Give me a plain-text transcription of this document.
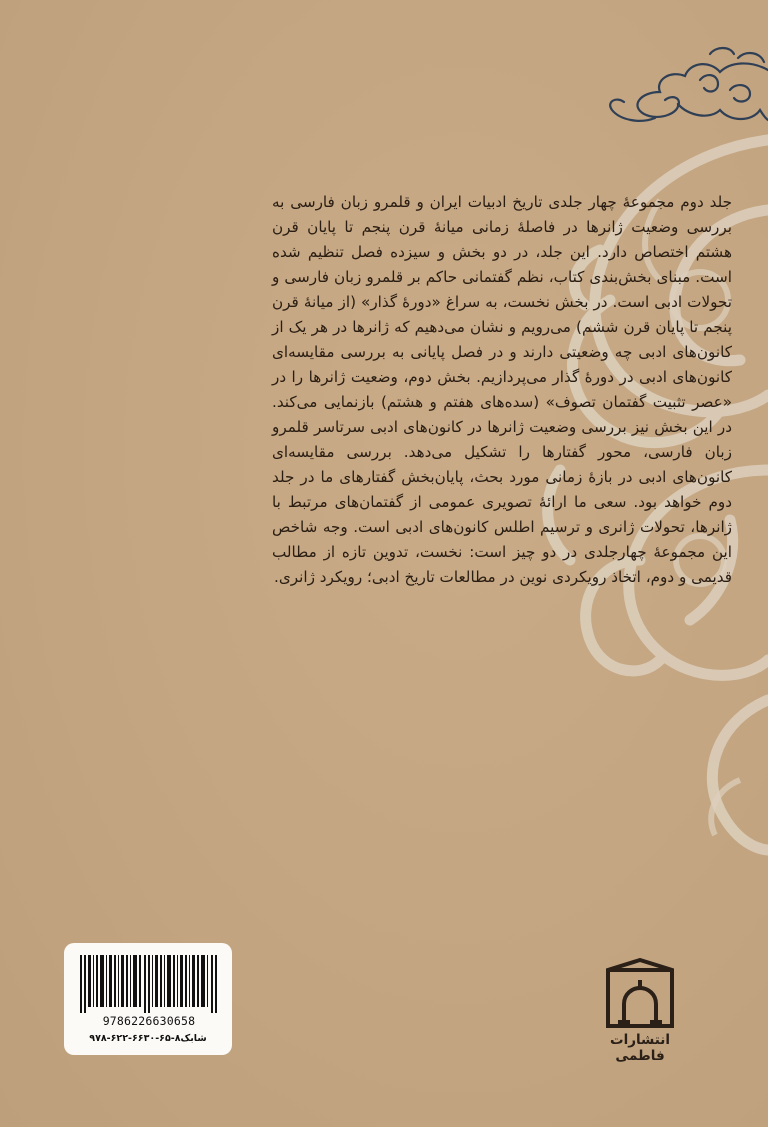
جلد دوم مجموعهٔ چهار جلدی تاریخ ادبیات ایران و قلمرو زبان فارسی به بررسی وضعیت ژانرها در فاصلهٔ زمانی میانهٔ قرن پنجم تا پایان قرن هشتم اختصاص دارد. این جلد، در دو بخش و سیزده فصل تنظیم شده است. مبنای بخش‌بندی کتاب، نظم گفتمانی حاکم بر قلمرو زبان فارسی و تحولات ادبی است. در بخش نخست، به سراغ «دورهٔ گذار» (از میانهٔ قرن پنجم تا پایان قرن ششم) می‌رویم و نشان می‌دهیم که ژانرها در هر یک از کانون‌های ادبی چه وضعیتی دارند و در فصل پایانی به بررسی مقایسه‌ای کانون‌های ادبی در دورهٔ گذار می‌پردازیم. بخش دوم، وضعیت ژانرها را در «عصر تثبیت گفتمان تصوف» (سده‌های هفتم و هشتم) بازنمایی می‌کند. در این بخش نیز بررسی وضعیت ژانرها در کانون‌های ادبی سرتاسر قلمرو زبان فارسی، محور گفتارها را تشکیل می‌دهد. بررسی مقایسه‌ای کانون‌های ادبی در بازهٔ زمانی مورد بحث، پایان‌بخش گفتارهای ما در جلد دوم خواهد بود. سعی ما ارائهٔ تصویری عمومی از گفتمان‌های مرتبط با ژانرها، تحولات ژانری و ترسیم اطلس کانون‌های ادبی است. وجه شاخص این مجموعهٔ چهارجلدی در دو چیز است: نخست، تدوین تازه از مطالب قدیمی و دوم، اتخاذ رویکردی نوین در مطالعات تاریخ ادبی؛ رویکرد ژانری.

9786226630658
شابک۸-۶۵-۶۶۳۰-۶۲۲-۹۷۸	انتشارات فاطمی
